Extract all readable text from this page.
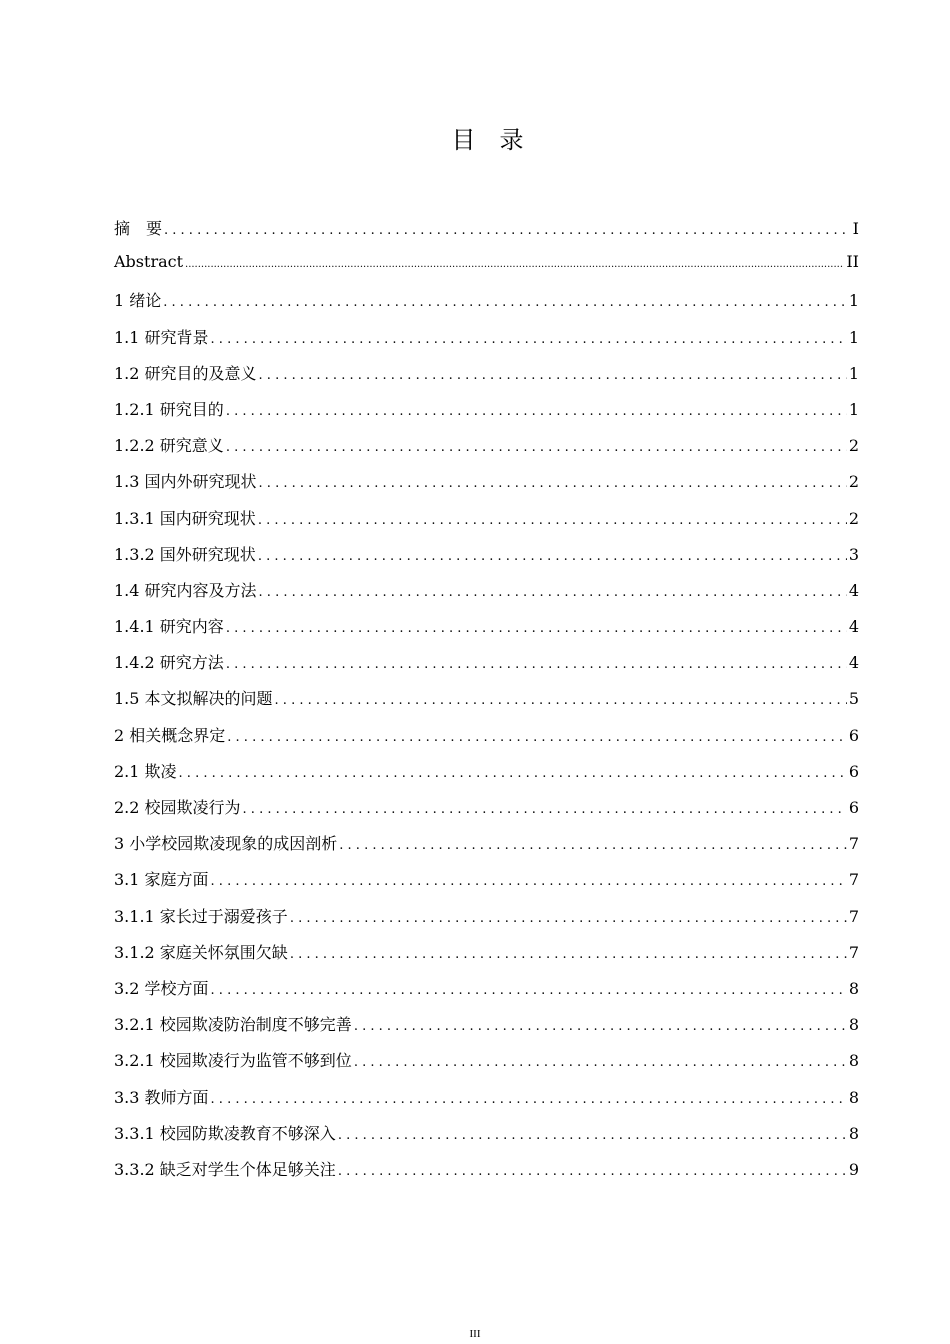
目　录
摘　要 . . .	I
Abstract .....	II
1 绪论 . . .	1
1.1 研究背景 . . .	1
1.2 研究目的及意义 . . .	1
1.2.1 研究目的 . . .	1
1.2.2 研究意义 . . .	2
1.3 国内外研究现状 . . .	2
1.3.1 国内研究现状 . . .	2
1.3.2 国外研究现状 . . .	3
1.4 研究内容及方法 . . .	4
1.4.1 研究内容 . . .	4
1.4.2 研究方法 . . .	4
1.5 本文拟解决的问题 . . .	5
2 相关概念界定 . . .	6
2.1 欺凌 . . .	6
2.2 校园欺凌行为 . . .	6
3 小学校园欺凌现象的成因剖析 . . .	7
3.1 家庭方面 . . .	7
3.1.1 家长过于溺爱孩子 . . .	7
3.1.2 家庭关怀氛围欠缺 . . .	7
3.2 学校方面 . . .	8
3.2.1 校园欺凌防治制度不够完善 . . .	8
3.2.1 校园欺凌行为监管不够到位 . . .	8
3.3 教师方面 . . .	8
3.3.1 校园防欺凌教育不够深入 . . .	8
3.3.2 缺乏对学生个体足够关注 . . .	9
III
